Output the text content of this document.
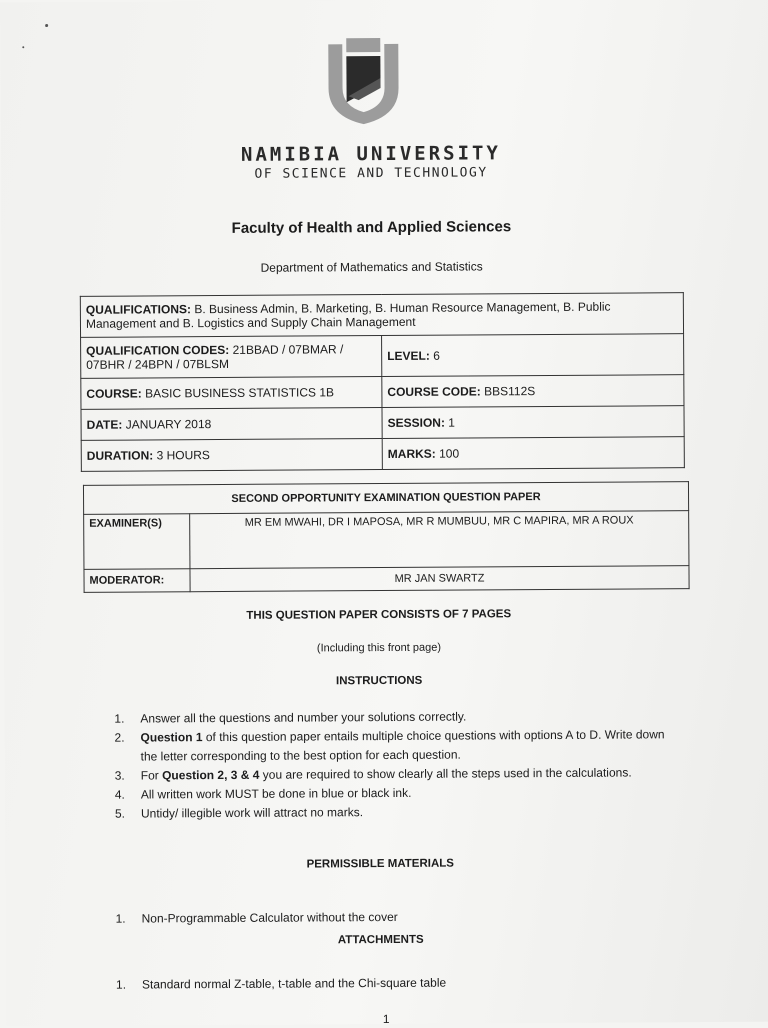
NAMIBIA UNIVERSITY
OF SCIENCE AND TECHNOLOGY
Faculty of Health and Applied Sciences
Department of Mathematics and Statistics
QUALIFICATIONS: B. Business Admin, B. Marketing, B. Human Resource Management, B. Public Management and B. Logistics and Supply Chain Management	
QUALIFICATION CODES: 21BBAD / 07BMAR / 07BHR / 24BPN / 07BLSM	LEVEL: 6
COURSE: BASIC BUSINESS STATISTICS 1B	COURSE CODE: BBS112S
DATE: JANUARY 2018	SESSION: 1
DURATION: 3 HOURS	MARKS: 100
SECOND OPPORTUNITY EXAMINATION QUESTION PAPER	
EXAMINER(S)	MR EM MWAHI, DR I MAPOSA, MR R MUMBUU, MR C MAPIRA, MR A ROUX
MODERATOR:	MR JAN SWARTZ
THIS QUESTION PAPER CONSISTS OF 7 PAGES
(Including this front page)
INSTRUCTIONS
1. Answer all the questions and number your solutions correctly.
2. Question 1 of this question paper entails multiple choice questions with options A to D. Write down the letter corresponding to the best option for each question.
3. For Question 2, 3 & 4 you are required to show clearly all the steps used in the calculations.
4. All written work MUST be done in blue or black ink.
5. Untidy/ illegible work will attract no marks.
PERMISSIBLE MATERIALS
1. Non-Programmable Calculator without the cover
ATTACHMENTS
1. Standard normal Z-table, t-table and the Chi-square table
1
